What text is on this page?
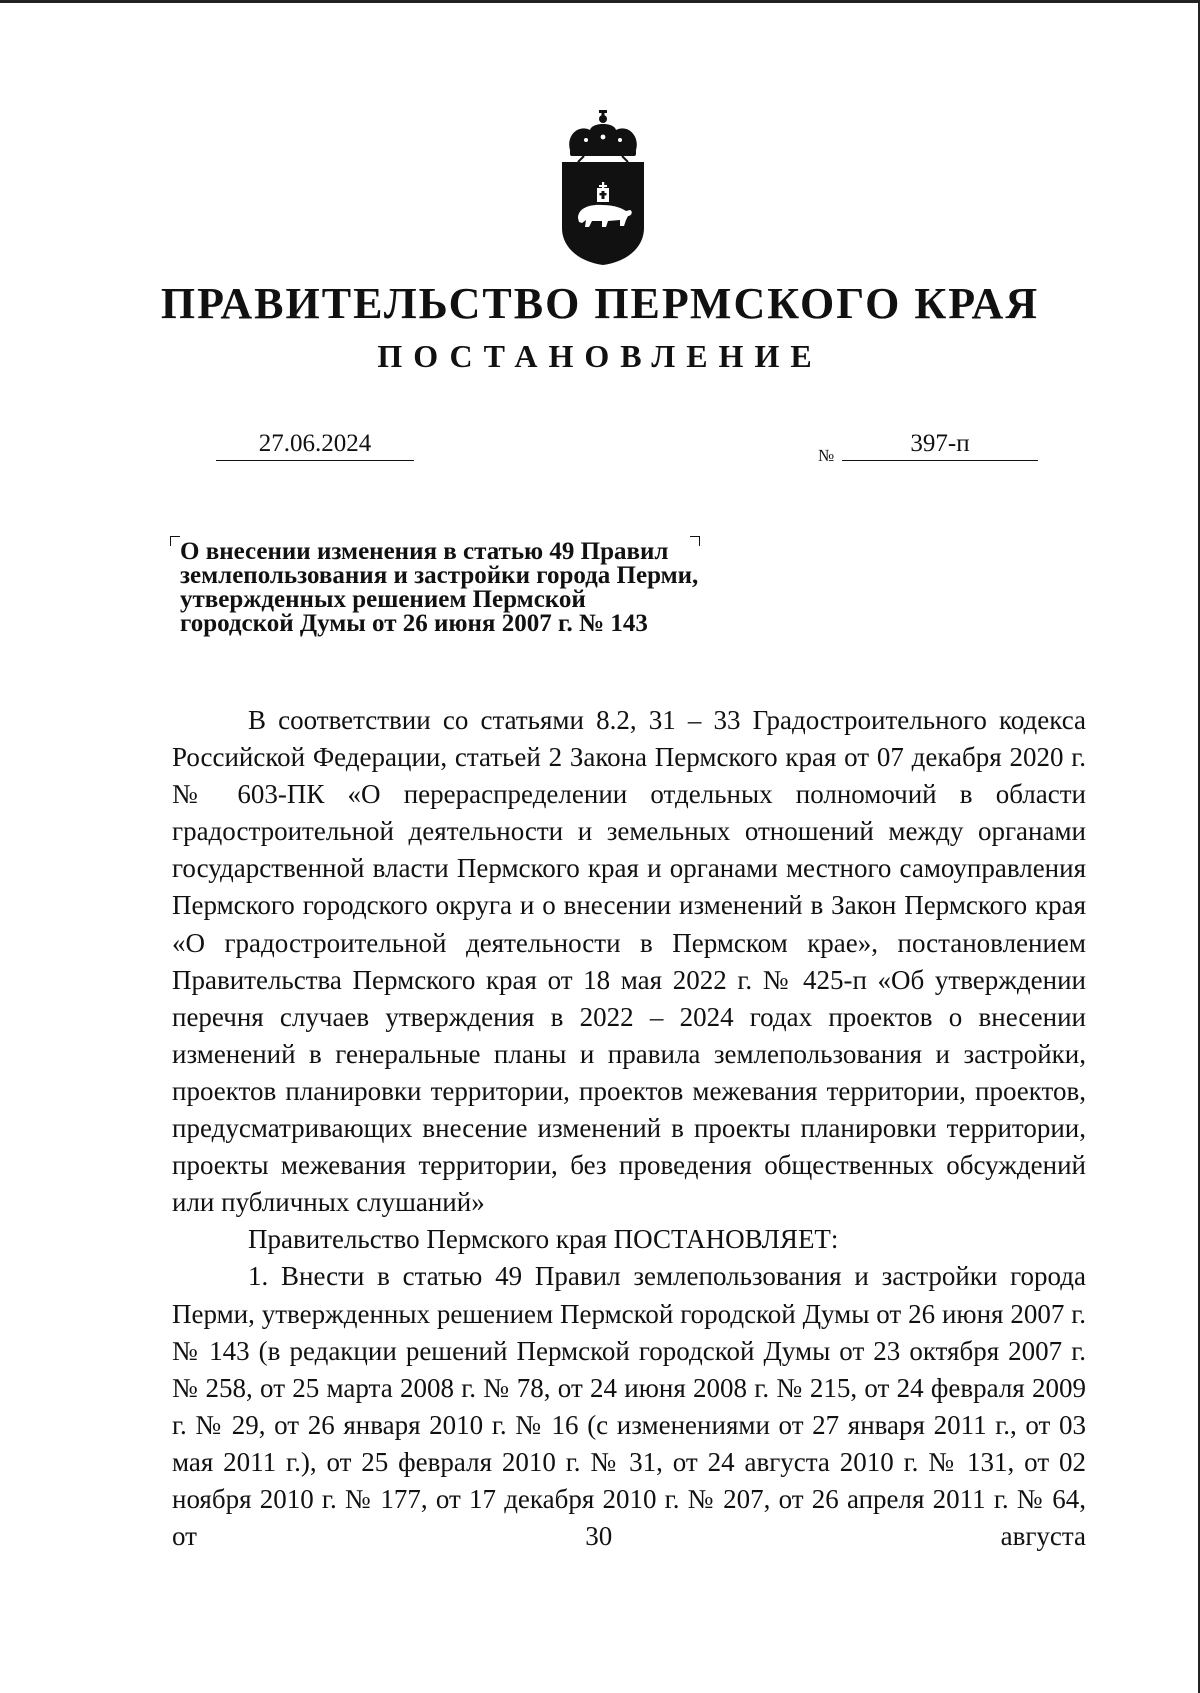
ПРАВИТЕЛЬСТВО ПЕРМСКОГО КРАЯ
ПОСТАНОВЛЕНИЕ
27.06.2024	№	397-п
О внесении изменения в статью 49 Правил
землепользования и застройки города Перми,
утвержденных решением Пермской
городской Думы от 26 июня 2007 г. № 143

В соответствии со статьями 8.2, 31 – 33 Градостроительного кодекса Российской Федерации, статьей 2 Закона Пермского края от 07 декабря 2020 г. № 603-ПК «О перераспределении отдельных полномочий в области градостроительной деятельности и земельных отношений между органами государственной власти Пермского края и органами местного самоуправления Пермского городского округа и о внесении изменений в Закон Пермского края «О градостроительной деятельности в Пермском крае», постановлением Правительства Пермского края от 18 мая 2022 г. № 425-п «Об утверждении перечня случаев утверждения в 2022 – 2024 годах проектов о внесении изменений в генеральные планы и правила землепользования и застройки, проектов планировки территории, проектов межевания территории, проектов, предусматривающих внесение изменений в проекты планировки территории, проекты межевания территории, без проведения общественных обсуждений или публичных слушаний»

Правительство Пермского края ПОСТАНОВЛЯЕТ:

1. Внести в статью 49 Правил землепользования и застройки города Перми, утвержденных решением Пермской городской Думы от 26 июня 2007 г. № 143 (в редакции решений Пермской городской Думы от 23 октября 2007 г. № 258, от 25 марта 2008 г. № 78, от 24 июня 2008 г. № 215, от 24 февраля 2009 г. № 29, от 26 января 2010 г. № 16 (с изменениями от 27 января 2011 г., от 03 мая 2011 г.), от 25 февраля 2010 г. № 31, от 24 августа 2010 г. № 131, от 02 ноября 2010 г. № 177, от 17 декабря 2010 г. № 207, от 26 апреля 2011 г. № 64, от 30 августа
